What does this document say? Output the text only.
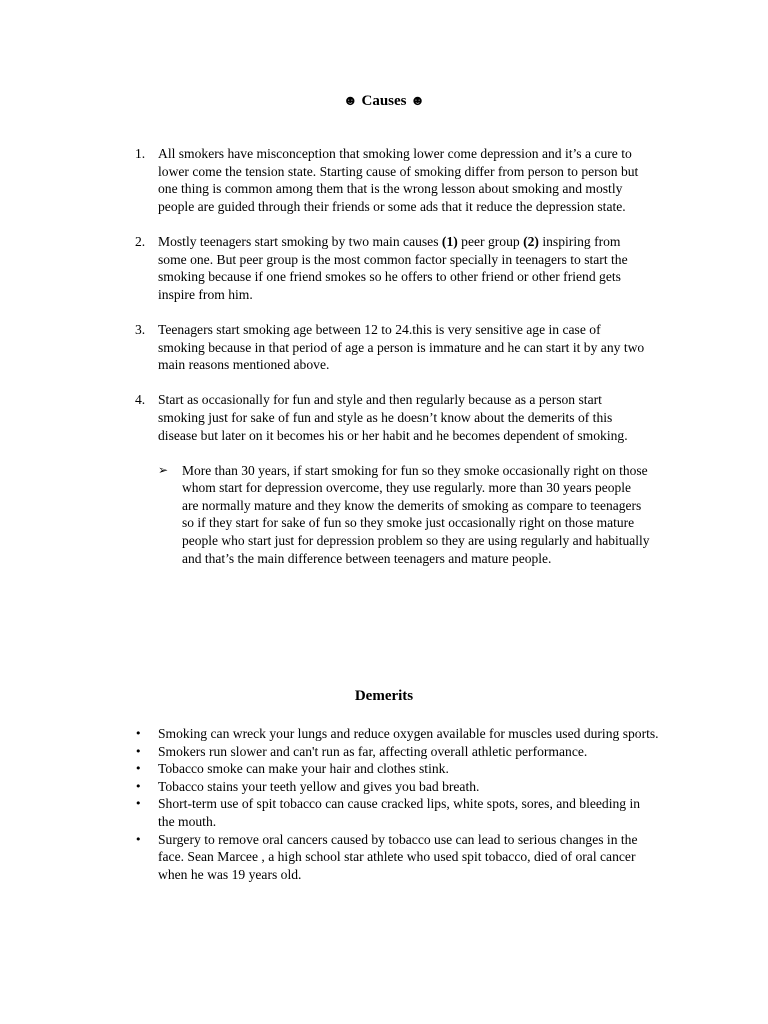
☻ Causes ☻
1. All smokers have misconception that smoking lower come depression and it’s a cure to lower come the tension state. Starting cause of smoking differ from person to person but one thing is common among them that is the wrong lesson about smoking and mostly people are guided through their friends or some ads that it reduce the depression state.
2. Mostly teenagers start smoking by two main causes (1) peer group (2) inspiring from some one. But peer group is the most common factor specially in teenagers to start the smoking because if one friend smokes so he offers to other friend or other friend gets inspire from him.
3. Teenagers start smoking age between 12 to 24.this is very sensitive age in case of smoking because in that period of age a person is immature and he can start it by any two main reasons mentioned above.
4. Start as occasionally for fun and style and then regularly because as a person start smoking just for sake of fun and style as he doesn’t know about the demerits of this disease but later on it becomes his or her habit and he becomes dependent of smoking.
➢ More than 30 years, if start smoking for fun so they smoke occasionally right on those whom start for depression overcome, they use regularly. more than 30 years people are normally mature and they know the demerits of smoking as compare to teenagers so if they start for sake of fun so they smoke just occasionally right on those mature people who start just for depression problem so they are using regularly and habitually and that’s the main difference between teenagers and mature people.
Demerits
• Smoking can wreck your lungs and reduce oxygen available for muscles used during sports.
• Smokers run slower and can't run as far, affecting overall athletic performance.
• Tobacco smoke can make your hair and clothes stink.
• Tobacco stains your teeth yellow and gives you bad breath.
• Short-term use of spit tobacco can cause cracked lips, white spots, sores, and bleeding in the mouth.
• Surgery to remove oral cancers caused by tobacco use can lead to serious changes in the face. Sean Marcee , a high school star athlete who used spit tobacco, died of oral cancer when he was 19 years old.
